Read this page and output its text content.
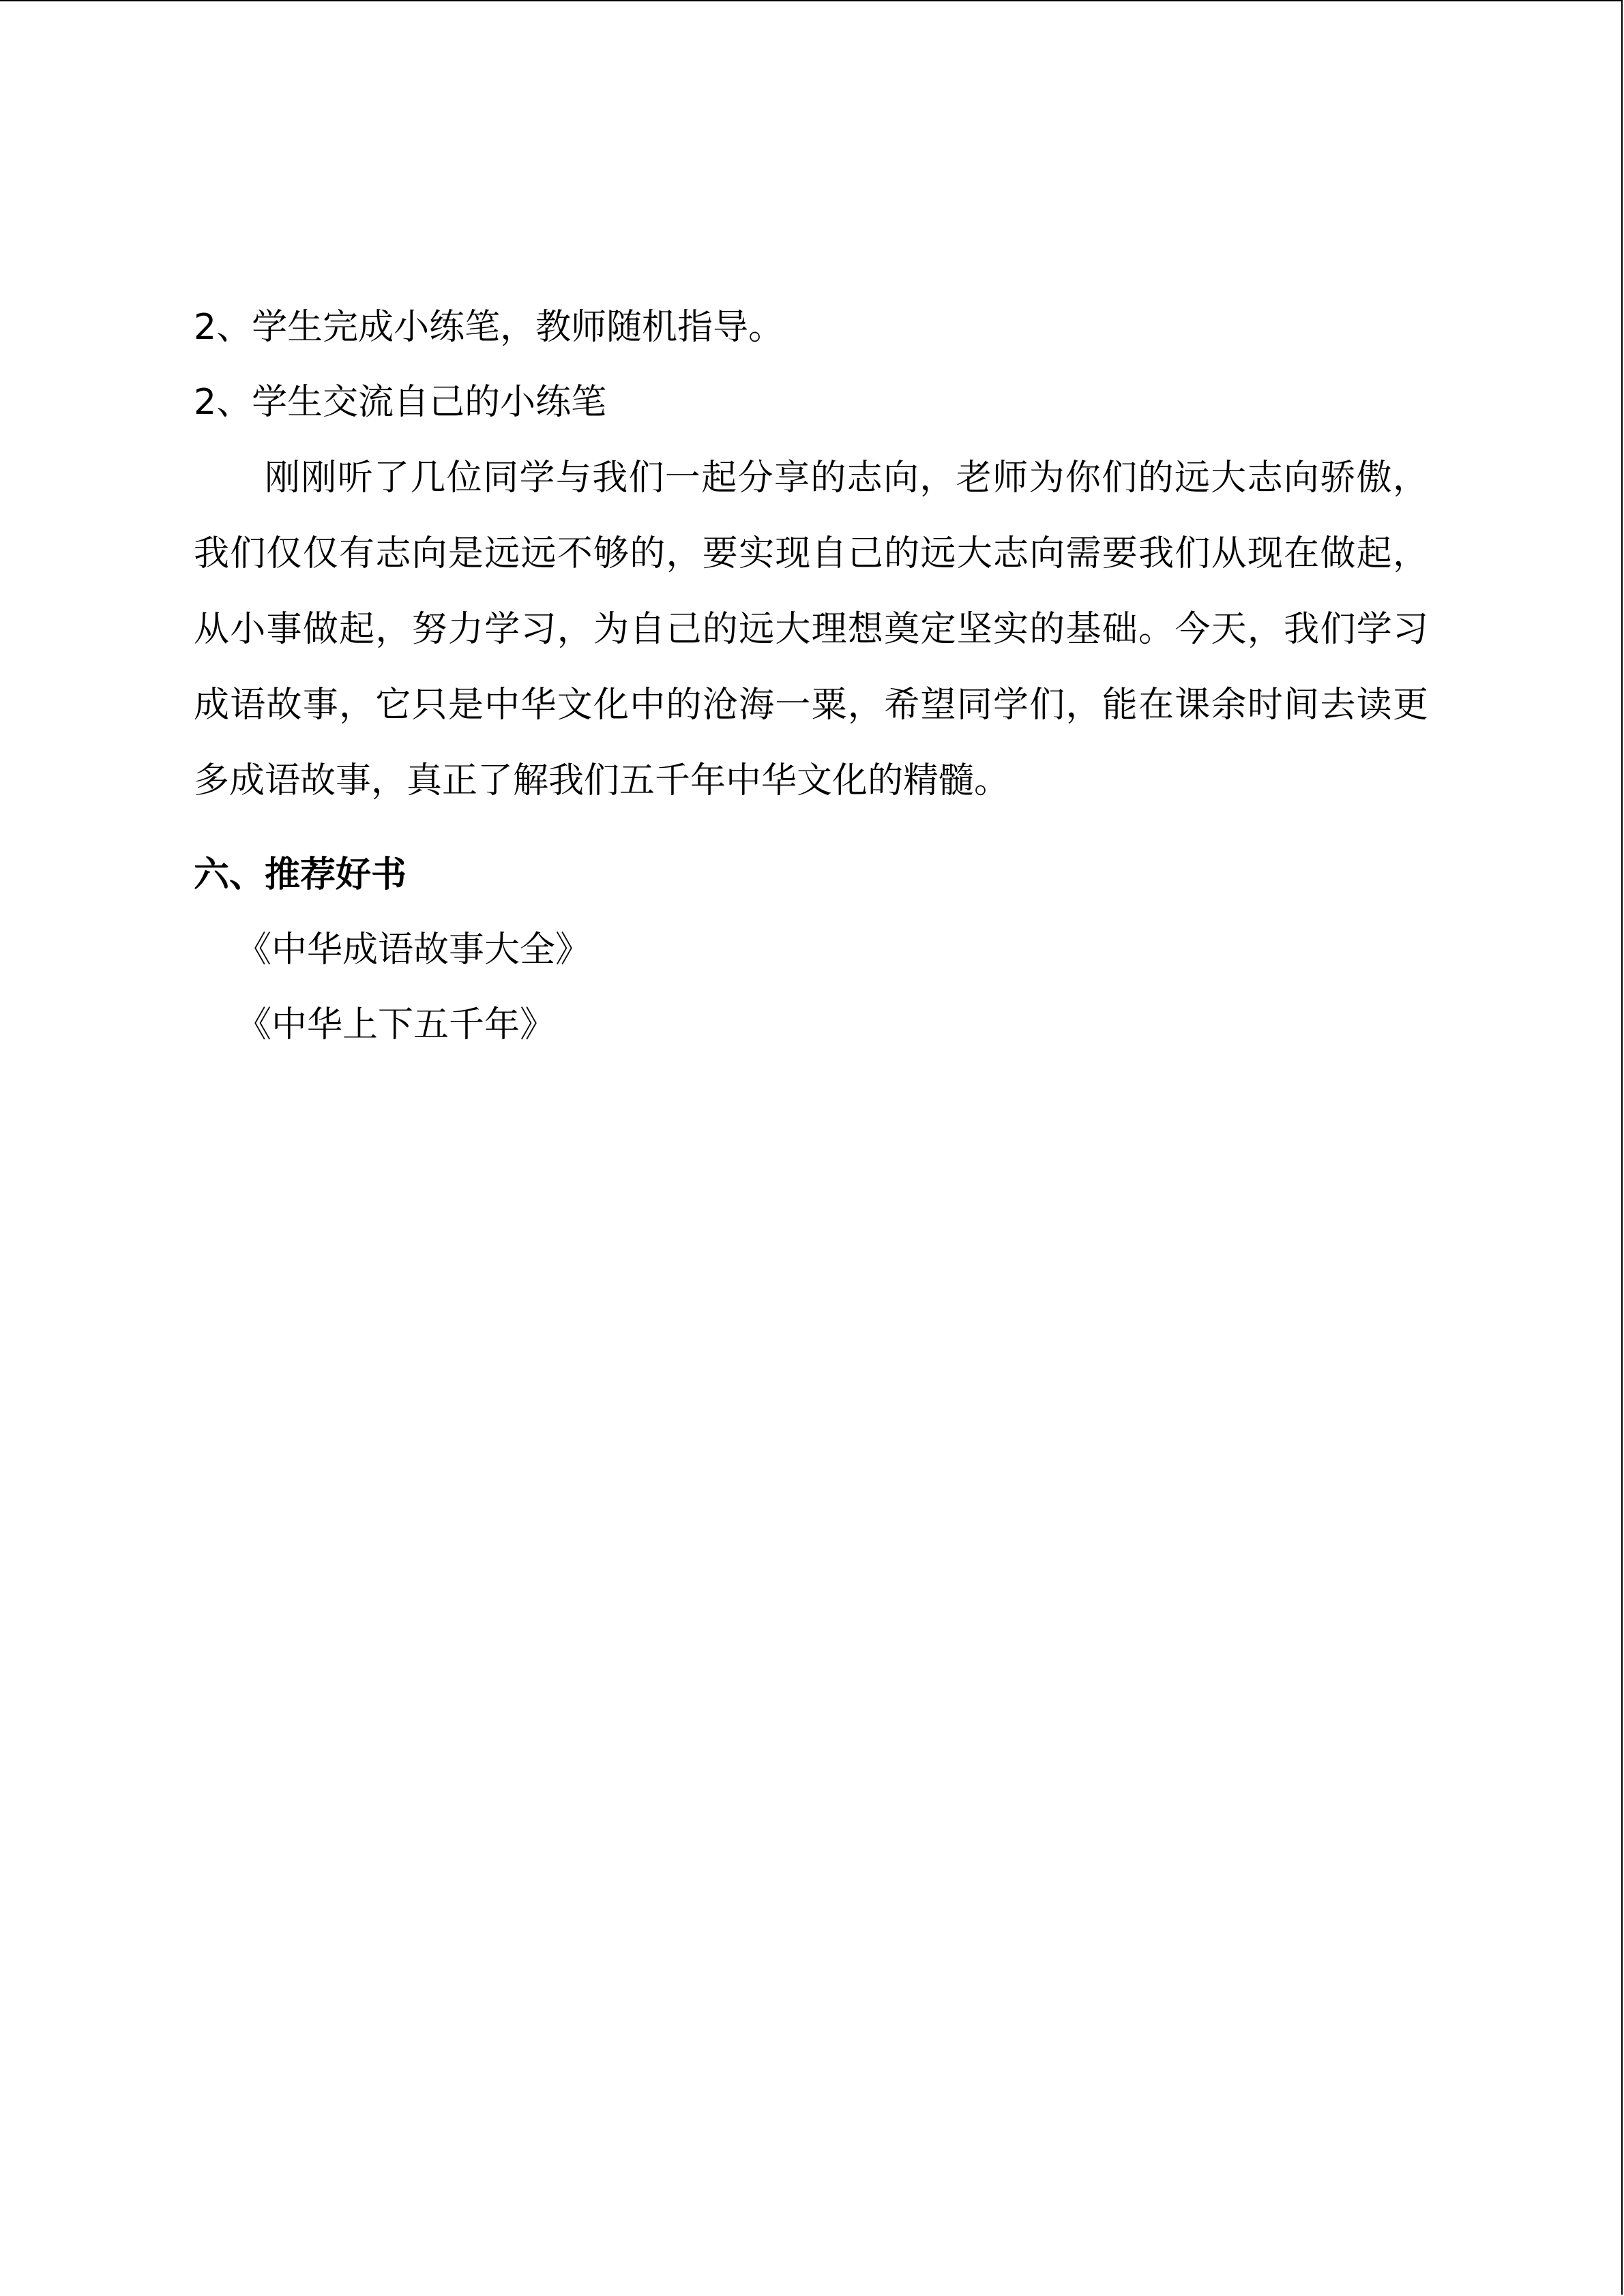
2、学生完成小练笔，教师随机指导。

2、学生交流自己的小练笔

刚刚听了几位同学与我们一起分享的志向，老师为你们的远大志向骄傲，我们仅仅有志向是远远不够的，要实现自己的远大志向需要我们从现在做起，从小事做起，努力学习，为自己的远大理想奠定坚实的基础。今天，我们学习成语故事，它只是中华文化中的沧海一粟，希望同学们，能在课余时间去读更多成语故事，真正了解我们五千年中华文化的精髓。

六、推荐好书

《中华成语故事大全》

《中华上下五千年》
